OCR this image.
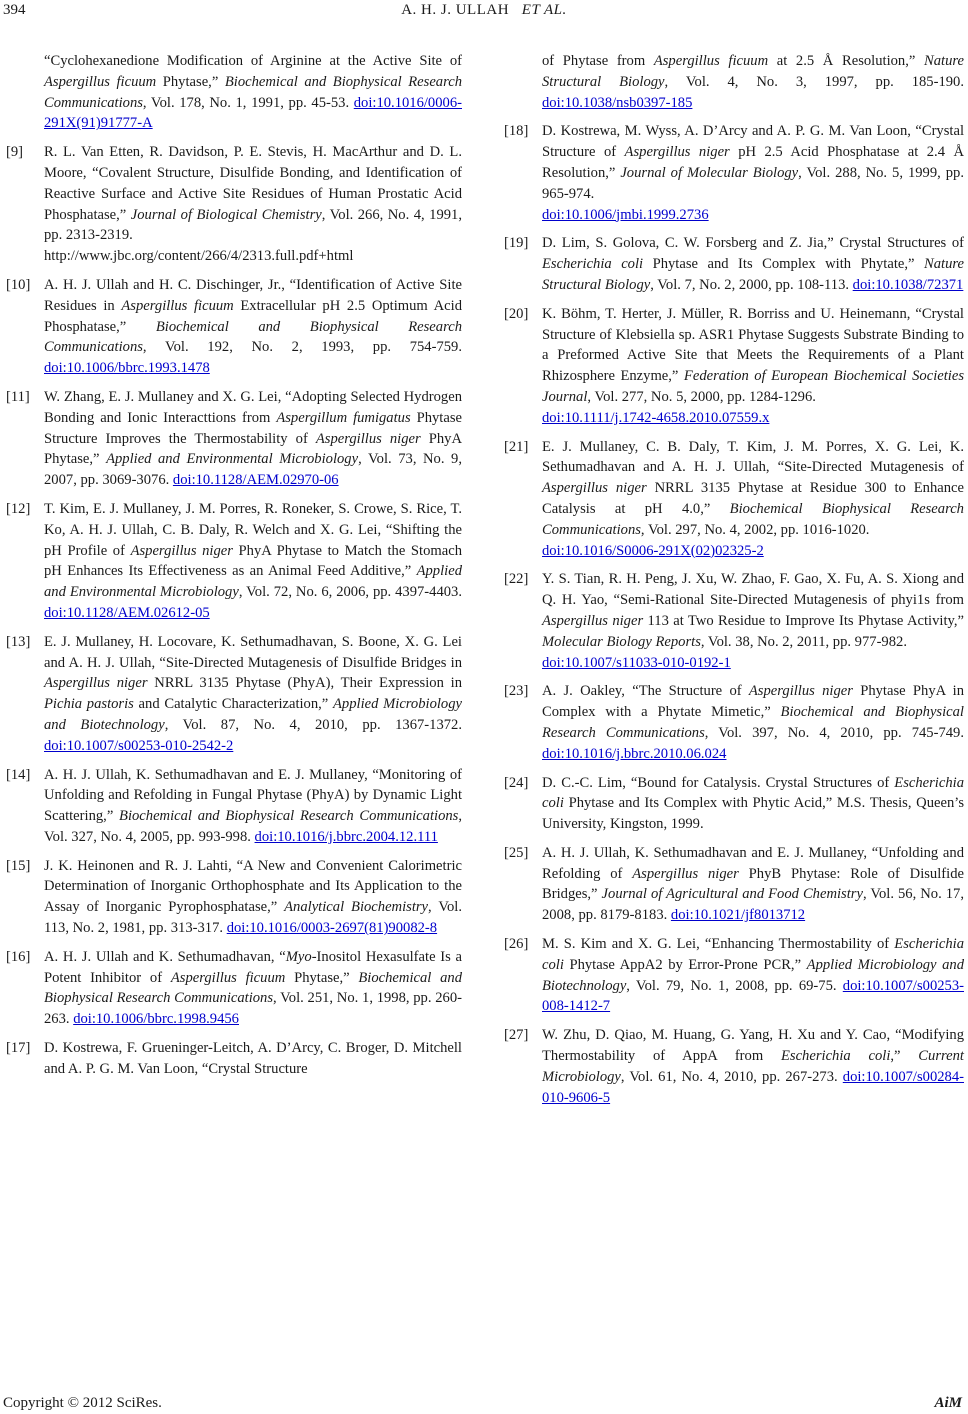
394	A. H. J. ULLAH ET AL.
“Cyclohexanedione Modification of Arginine at the Active Site of Aspergillus ficuum Phytase,” Biochemical and Biophysical Research Communications, Vol. 178, No. 1, 1991, pp. 45-53. doi:10.1016/0006-291X(91)91777-A
[9]	R. L. Van Etten, R. Davidson, P. E. Stevis, H. MacArthur and D. L. Moore, “Covalent Structure, Disulfide Bonding, and Identification of Reactive Surface and Active Site Residues of Human Prostatic Acid Phosphatase,” Journal of Biological Chemistry, Vol. 266, No. 4, 1991, pp. 2313-2319.
http://www.jbc.org/content/266/4/2313.full.pdf+html
[10] A. H. J. Ullah and H. C. Dischinger, Jr., “Identification of Active Site Residues in Aspergillus ficuum Extracellular pH 2.5 Optimum Acid Phosphatase,” Biochemical and Biophysical Research Communications, Vol. 192, No. 2, 1993, pp. 754-759. doi:10.1006/bbrc.1993.1478
[11] W. Zhang, E. J. Mullaney and X. G. Lei, “Adopting Selected Hydrogen Bonding and Ionic Interacttions from Aspergillum fumigatus Phytase Structure Improves the Thermostability of Aspergillus niger PhyA Phytase,” Applied and Environmental Microbiology, Vol. 73, No. 9, 2007, pp. 3069-3076. doi:10.1128/AEM.02970-06
[12] T. Kim, E. J. Mullaney, J. M. Porres, R. Roneker, S. Crowe, S. Rice, T. Ko, A. H. J. Ullah, C. B. Daly, R. Welch and X. G. Lei, “Shifting the pH Profile of Aspergillus niger PhyA Phytase to Match the Stomach pH Enhances Its Effectiveness as an Animal Feed Additive,” Applied and Environmental Microbiology, Vol. 72, No. 6, 2006, pp. 4397-4403. doi:10.1128/AEM.02612-05
[13] E. J. Mullaney, H. Locovare, K. Sethumadhavan, S. Boone, X. G. Lei and A. H. J. Ullah, “Site-Directed Mutagenesis of Disulfide Bridges in Aspergillus niger NRRL 3135 Phytase (PhyA), Their Expression in Pichia pastoris and Catalytic Characterization,” Applied Microbiology and Biotechnology, Vol. 87, No. 4, 2010, pp. 1367-1372. doi:10.1007/s00253-010-2542-2
[14] A. H. J. Ullah, K. Sethumadhavan and E. J. Mullaney, “Monitoring of Unfolding and Refolding in Fungal Phytase (PhyA) by Dynamic Light Scattering,” Biochemical and Biophysical Research Communications, Vol. 327, No. 4, 2005, pp. 993-998. doi:10.1016/j.bbrc.2004.12.111
[15] J. K. Heinonen and R. J. Lahti, “A New and Convenient Calorimetric Determination of Inorganic Orthophosphate and Its Application to the Assay of Inorganic Pyrophosphatase,” Analytical Biochemistry, Vol. 113, No. 2, 1981, pp. 313-317. doi:10.1016/0003-2697(81)90082-8
[16] A. H. J. Ullah and K. Sethumadhavan, “Myo-Inositol Hexasulfate Is a Potent Inhibitor of Aspergillus ficuum Phytase,” Biochemical and Biophysical Research Communications, Vol. 251, No. 1, 1998, pp. 260-263. doi:10.1006/bbrc.1998.9456
[17] D. Kostrewa, F. Grueninger-Leitch, A. D’Arcy, C. Broger, D. Mitchell and A. P. G. M. Van Loon, “Crystal Structure
of Phytase from Aspergillus ficuum at 2.5 Å Resolution,” Nature Structural Biology, Vol. 4, No. 3, 1997, pp. 185-190. doi:10.1038/nsb0397-185
[18] D. Kostrewa, M. Wyss, A. D’Arcy and A. P. G. M. Van Loon, “Crystal Structure of Aspergillus niger pH 2.5 Acid Phosphatase at 2.4 Å Resolution,” Journal of Molecular Biology, Vol. 288, No. 5, 1999, pp. 965-974.
doi:10.1006/jmbi.1999.2736
[19] D. Lim, S. Golova, C. W. Forsberg and Z. Jia,” Crystal Structures of Escherichia coli Phytase and Its Complex with Phytate,” Nature Structural Biology, Vol. 7, No. 2, 2000, pp. 108-113. doi:10.1038/72371
[20] K. Böhm, T. Herter, J. Müller, R. Borriss and U. Heinemann, “Crystal Structure of Klebsiella sp. ASR1 Phytase Suggests Substrate Binding to a Preformed Active Site that Meets the Requirements of a Plant Rhizosphere Enzyme,” Federation of European Biochemical Societies Journal, Vol. 277, No. 5, 2000, pp. 1284-1296.
doi:10.1111/j.1742-4658.2010.07559.x
[21] E. J. Mullaney, C. B. Daly, T. Kim, J. M. Porres, X. G. Lei, K. Sethumadhavan and A. H. J. Ullah, “Site-Directed Mutagenesis of Aspergillus niger NRRL 3135 Phytase at Residue 300 to Enhance Catalysis at pH 4.0,” Biochemical Biophysical Research Communications, Vol. 297, No. 4, 2002, pp. 1016-1020.
doi:10.1016/S0006-291X(02)02325-2
[22] Y. S. Tian, R. H. Peng, J. Xu, W. Zhao, F. Gao, X. Fu, A. S. Xiong and Q. H. Yao, “Semi-Rational Site-Directed Mutagenesis of phyi1s from Aspergillus niger 113 at Two Residue to Improve Its Phytase Activity,” Molecular Biology Reports, Vol. 38, No. 2, 2011, pp. 977-982.
doi:10.1007/s11033-010-0192-1
[23] A. J. Oakley, “The Structure of Aspergillus niger Phytase PhyA in Complex with a Phytate Mimetic,” Biochemical and Biophysical Research Communications, Vol. 397, No. 4, 2010, pp. 745-749. doi:10.1016/j.bbrc.2010.06.024
[24] D. C.-C. Lim, “Bound for Catalysis. Crystal Structures of Escherichia coli Phytase and Its Complex with Phytic Acid,” M.S. Thesis, Queen’s University, Kingston, 1999.
[25] A. H. J. Ullah, K. Sethumadhavan and E. J. Mullaney, “Unfolding and Refolding of Aspergillus niger PhyB Phytase: Role of Disulfide Bridges,” Journal of Agricultural and Food Chemistry, Vol. 56, No. 17, 2008, pp. 8179-8183. doi:10.1021/jf8013712
[26] M. S. Kim and X. G. Lei, “Enhancing Thermostability of Escherichia coli Phytase AppA2 by Error-Prone PCR,” Applied Microbiology and Biotechnology, Vol. 79, No. 1, 2008, pp. 69-75. doi:10.1007/s00253-008-1412-7
[27] W. Zhu, D. Qiao, M. Huang, G. Yang, H. Xu and Y. Cao, “Modifying Thermostability of AppA from Escherichia coli,” Current Microbiology, Vol. 61, No. 4, 2010, pp. 267-273. doi:10.1007/s00284-010-9606-5
Copyright © 2012 SciRes.	AiM
